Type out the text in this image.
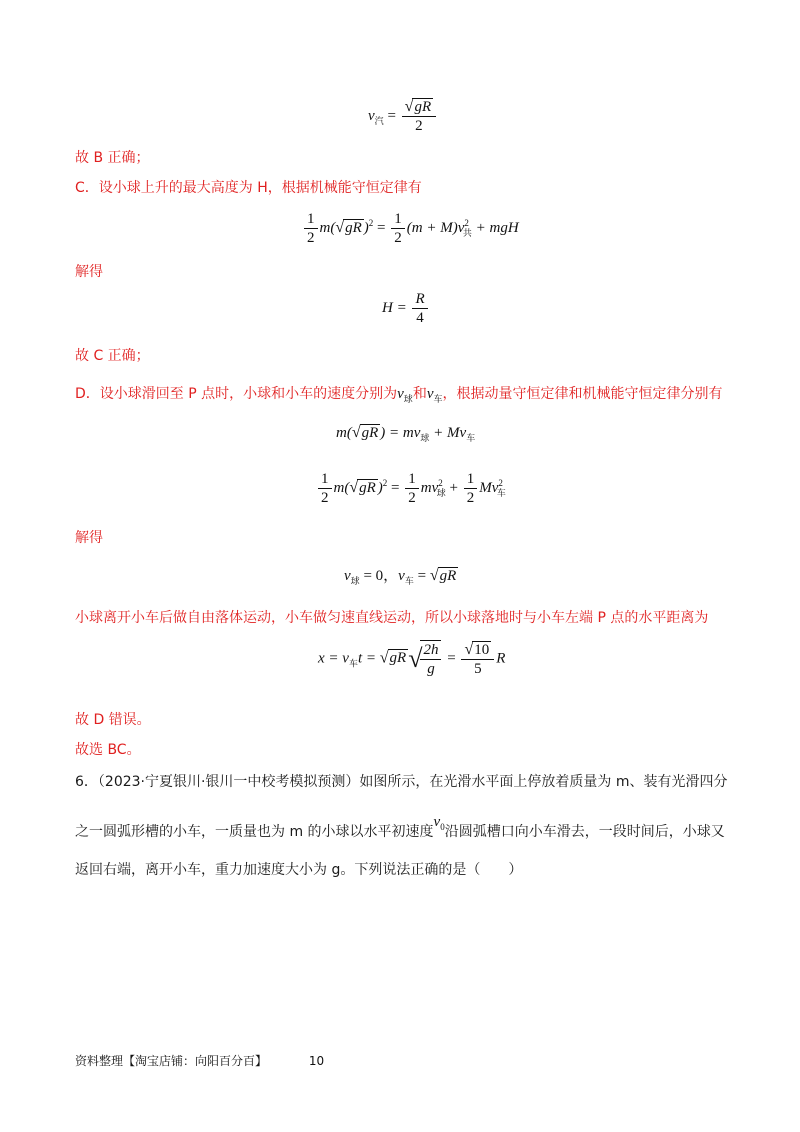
$v_汽 = \frac{√gR}{2}$
故 B 正确；
C．设小球上升的最大高度为 H，根据机械能守恒定律有
$\frac{1}{2} m(√gR$ )$^2 = \frac{1}{2} (m + M)v^2_共$ + mgH
解得
$H = \frac{R}{4}$
故 C 正确；
D．设小球滑回至 P 点时，小球和小车的速度分别为$v_球$和$v_车$，根据动量守恒定律和机械能守恒定律分别有
m(√gR ) = $mv_球 + Mv_车$
$\frac{1}{2} m(√gR$ )$^2 = \frac{1}{2} mv^2_球 + \frac{1}{2} Mv^2_车$
解得
$v_球 = 0$，$v_车 = √gR$
小球离开小车后做自由落体运动，小车做匀速直线运动，所以小球落地时与小车左端 P 点的水平距离为
$x = v_车t = √gR√$
$\frac{2h}{g} = \frac{√10}{5}$ R
故 D 错误。
故选 BC。
6．（2023·宁夏银川·银川一中校考模拟预测）如图所示，在光滑水平面上停放着质量为 m、装有光滑四分
之一圆弧形槽的小车，一质量也为 m 的小球以水平初速度$v_0$沿圆弧槽口向小车滑去，一段时间后，小球又
返回右端，离开小车，重力加速度大小为 g。下列说法正确的是（　　）
资料整理【淘宝店铺：向阳百分百】	10
